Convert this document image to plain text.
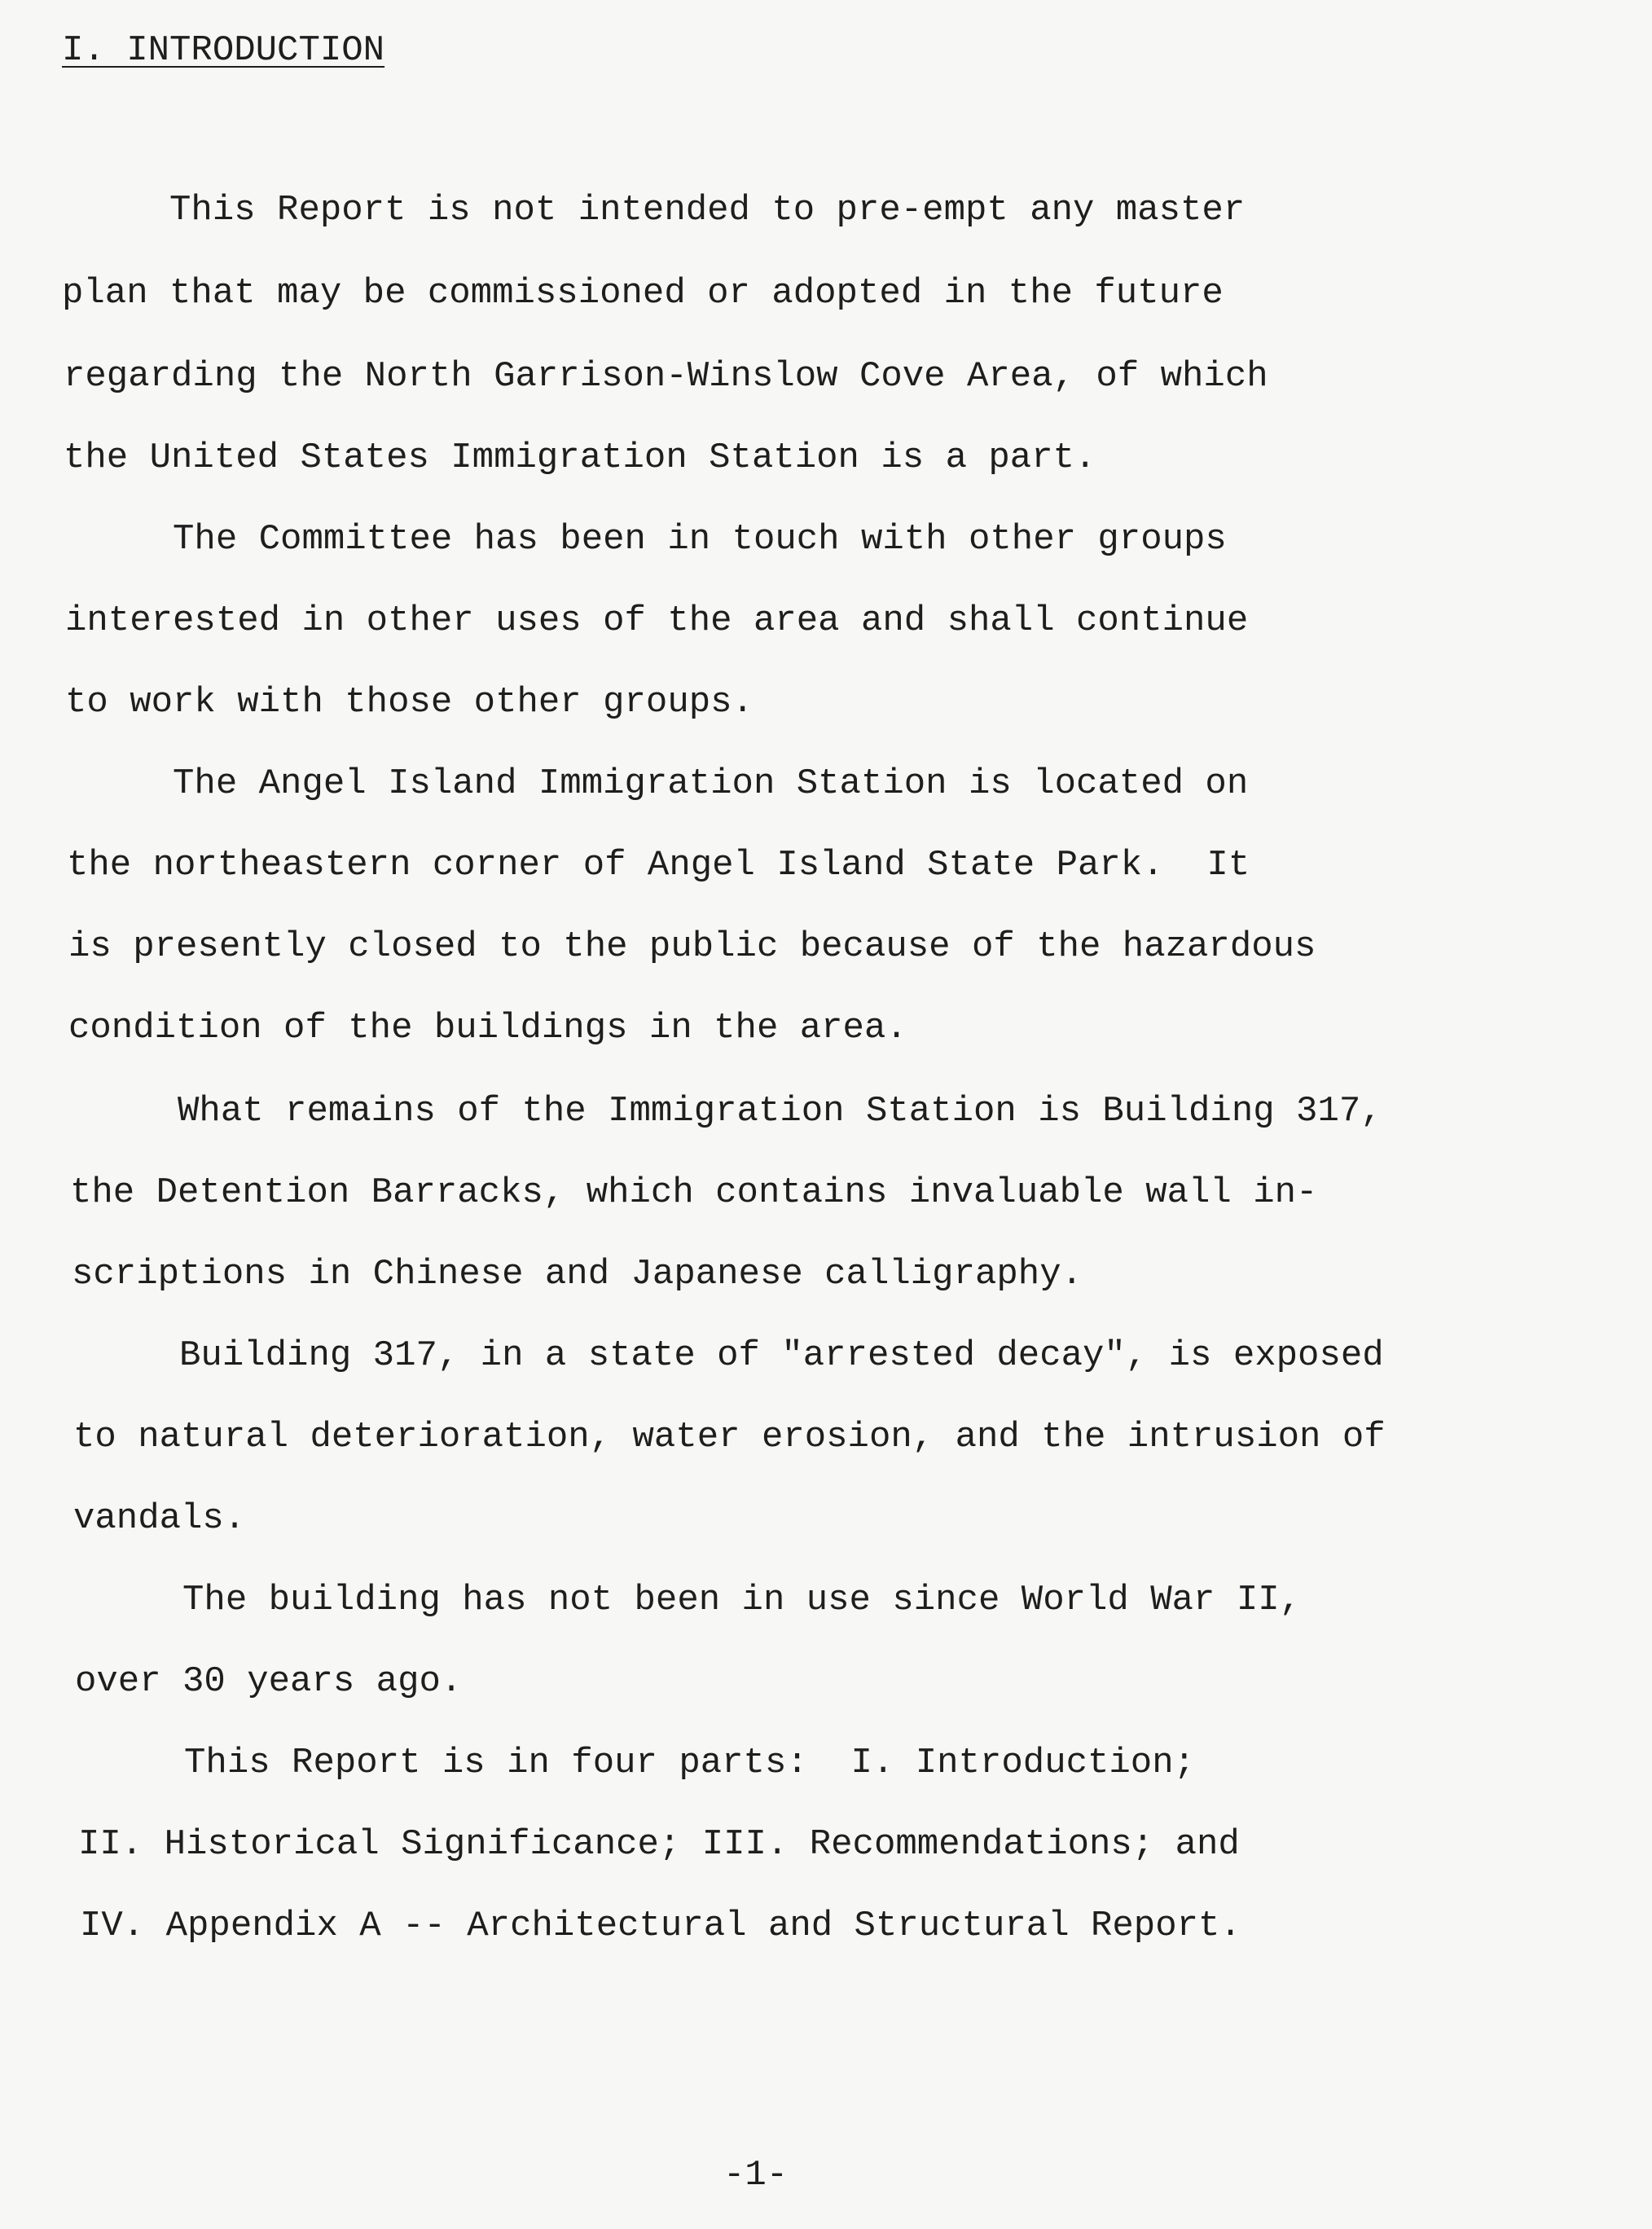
I. INTRODUCTION
This Report is not intended to pre-empt any master
plan that may be commissioned or adopted in the future
regarding the North Garrison-Winslow Cove Area, of which
the United States Immigration Station is a part.
The Committee has been in touch with other groups
interested in other uses of the area and shall continue
to work with those other groups.
The Angel Island Immigration Station is located on
the northeastern corner of Angel Island State Park.  It
is presently closed to the public because of the hazardous
condition of the buildings in the area.
What remains of the Immigration Station is Building 317,
the Detention Barracks, which contains invaluable wall in-
scriptions in Chinese and Japanese calligraphy.
Building 317, in a state of "arrested decay", is exposed
to natural deterioration, water erosion, and the intrusion of
vandals.
The building has not been in use since World War II,
over 30 years ago.
This Report is in four parts:  I. Introduction;
II. Historical Significance; III. Recommendations; and
IV. Appendix A -- Architectural and Structural Report.
-1-
